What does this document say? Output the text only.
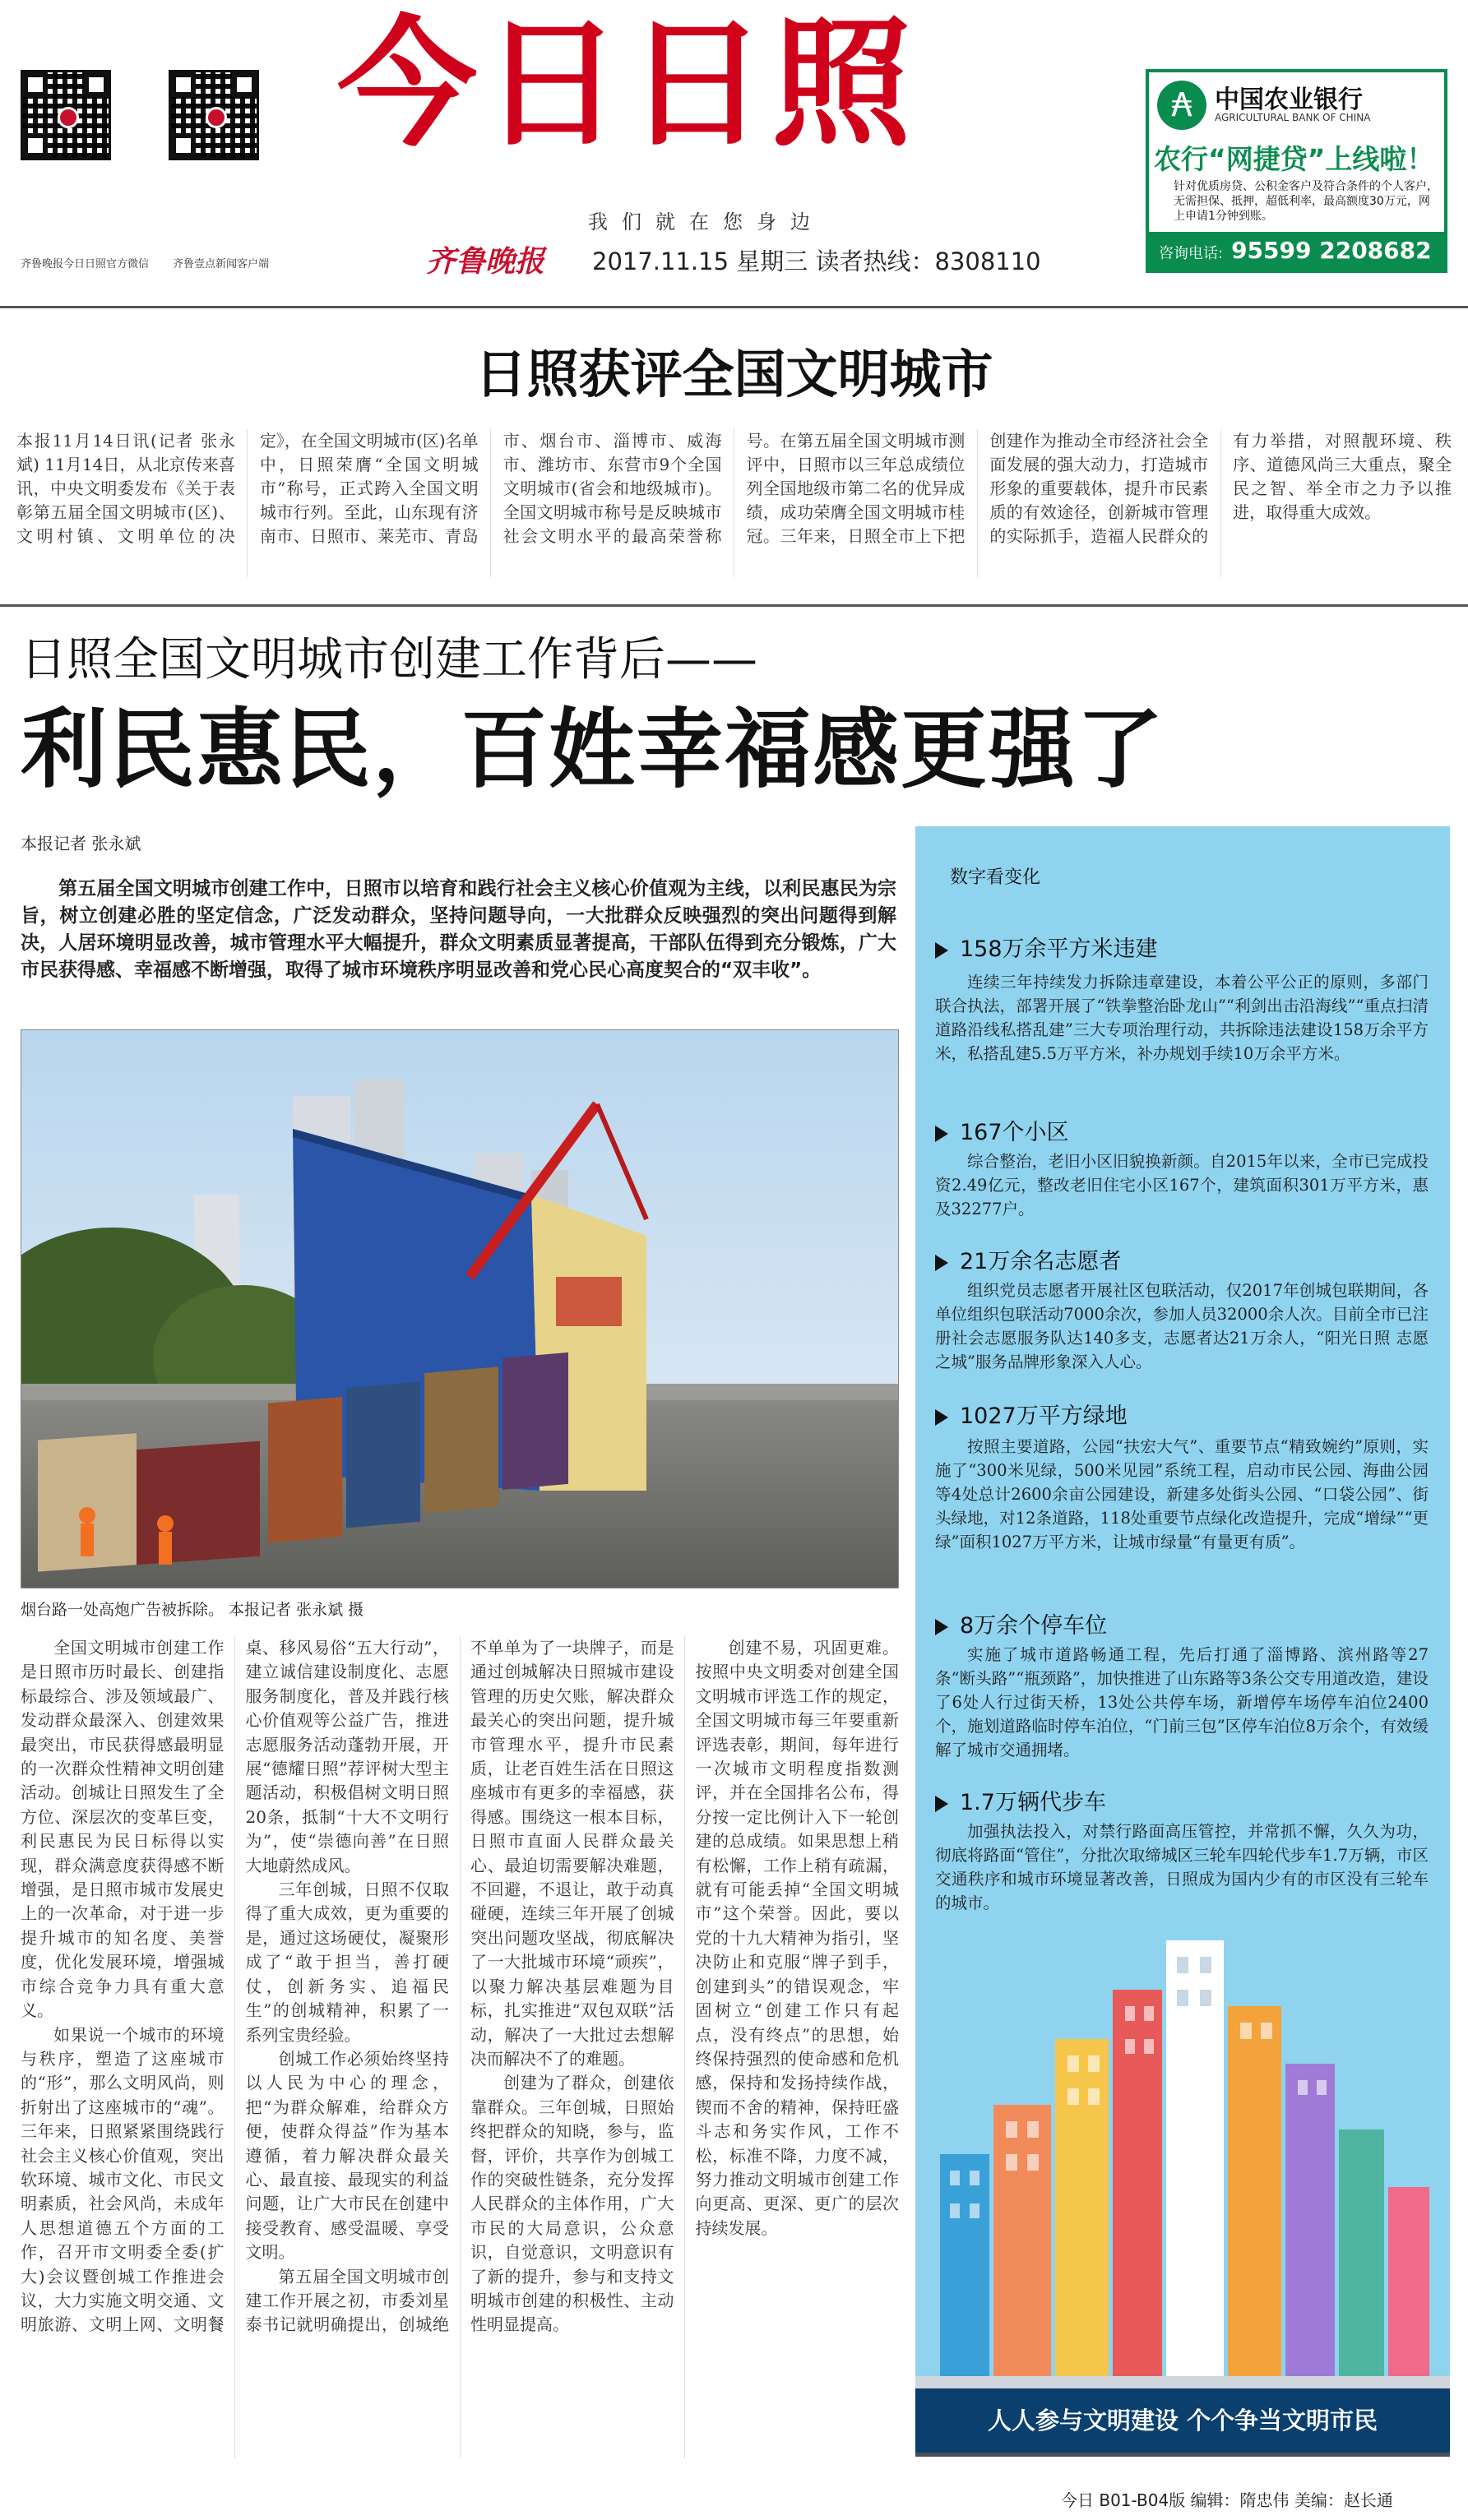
齐鲁晚报今日日照官方微信 齐鲁壹点新闻客户端
今日日照
我们就在您身边
齐鲁晚报 2017.11.15 星期三 读者热线：8308110
₳ 中国农业银行
AGRICULTURAL BANK OF CHINA
农行“网捷贷”上线啦！
针对优质房贷、公积金客户及符合条件的个人客户，无需担保、抵押，超低利率，最高额度30万元，网上申请1分钟到账。
咨询电话: 95599 2208682
日照获评全国文明城市
本报11月14日讯(记者 张永斌) 11月14日，从北京传来喜讯，中央文明委发布《关于表彰第五届全国文明城市(区)、文明村镇、文明单位的决定》，在全国文明城市(区)名单中，日照荣膺“全国文明城市”称号，正式跨入全国文明城市行列。至此，山东现有济南市、日照市、莱芜市、青岛市、烟台市、淄博市、威海市、潍坊市、东营市9个全国文明城市(省会和地级城市)。全国文明城市称号是反映城市社会文明水平的最高荣誉称号。在第五届全国文明城市测评中，日照市以三年总成绩位列全国地级市第二名的优异成绩，成功荣膺全国文明城市桂冠。三年来，日照全市上下把创建作为推动全市经济社会全面发展的强大动力，打造城市形象的重要载体，提升市民素质的有效途径，创新城市管理的实际抓手，造福人民群众的有力举措，对照靓环境、秩序、道德风尚三大重点，聚全民之智、举全市之力予以推进，取得重大成效。
日照全国文明城市创建工作背后——
利民惠民，百姓幸福感更强了
本报记者 张永斌
第五届全国文明城市创建工作中，日照市以培育和践行社会主义核心价值观为主线，以利民惠民为宗旨，树立创建必胜的坚定信念，广泛发动群众，坚持问题导向，一大批群众反映强烈的突出问题得到解决，人居环境明显改善，城市管理水平大幅提升，群众文明素质显著提高，干部队伍得到充分锻炼，广大市民获得感、幸福感不断增强，取得了城市环境秩序明显改善和党心民心高度契合的“双丰收”。
烟台路一处高炮广告被拆除。 本报记者 张永斌 摄

全国文明城市创建工作是日照市历时最长、创建指标最综合、涉及领域最广、发动群众最深入、创建效果最突出，市民获得感最明显的一次群众性精神文明创建活动。创城让日照发生了全方位、深层次的变革巨变，利民惠民为民日标得以实现，群众满意度获得感不断增强，是日照市城市发展史上的一次革命，对于进一步提升城市的知名度、美誉度，优化发展环境，增强城市综合竞争力具有重大意义。

如果说一个城市的环境与秩序，塑造了这座城市的“形”，那么文明风尚，则折射出了这座城市的“魂”。三年来，日照紧紧围绕践行社会主义核心价值观，突出软环境、城市文化、市民文明素质，社会风尚，未成年人思想道德五个方面的工作，召开市文明委全委(扩大)会议暨创城工作推进会议，大力实施文明交通、文明旅游、文明上网、文明餐桌、移风易俗“五大行动”，建立诚信建设制度化、志愿服务制度化，普及并践行核心价值观等公益广告，推进志愿服务活动蓬勃开展，开展“德耀日照”荐评树大型主题活动，积极倡树文明日照20条，抵制“十大不文明行为”，使“崇德向善”在日照大地蔚然成风。

三年创城，日照不仅取得了重大成效，更为重要的是，通过这场硬仗，凝聚形成了“敢于担当，善打硬仗，创新务实、追福民生”的创城精神，积累了一系列宝贵经验。

创城工作必须始终坚持以人民为中心的理念，把“为群众解难，给群众方便，使群众得益”作为基本遵循，着力解决群众最关心、最直接、最现实的利益问题，让广大市民在创建中接受教育、感受温暖、享受文明。

第五届全国文明城市创建工作开展之初，市委刘星泰书记就明确提出，创城绝不单单为了一块牌子，而是通过创城解决日照城市建设管理的历史欠账，解决群众最关心的突出问题，提升城市管理水平，提升市民素质，让老百姓生活在日照这座城市有更多的幸福感，获得感。围绕这一根本目标，日照市直面人民群众最关心、最迫切需要解决难题，不回避，不退让，敢于动真碰硬，连续三年开展了创城突出问题攻坚战，彻底解决了一大批城市环境“顽疾”，以聚力解决基层难题为目标，扎实推进“双包双联”活动，解决了一大批过去想解决而解决不了的难题。

创建为了群众，创建依靠群众。三年创城，日照始终把群众的知晓，参与，监督，评价，共享作为创城工作的突破性链条，充分发挥人民群众的主体作用，广大市民的大局意识，公众意识，自觉意识，文明意识有了新的提升，参与和支持文明城市创建的积极性、主动性明显提高。

创建不易，巩固更难。按照中央文明委对创建全国文明城市评选工作的规定，全国文明城市每三年要重新评选表彰，期间，每年进行一次城市文明程度指数测评，并在全国排名公布，得分按一定比例计入下一轮创建的总成绩。如果思想上稍有松懈，工作上稍有疏漏，就有可能丢掉“全国文明城市”这个荣誉。因此，要以党的十九大精神为指引，坚决防止和克服“牌子到手，创建到头”的错误观念，牢固树立“创建工作只有起点，没有终点”的思想，始终保持强烈的使命感和危机感，保持和发扬持续作战，锲而不舍的精神，保持旺盛斗志和务实作风，工作不松，标准不降，力度不减，努力推动文明城市创建工作向更高、更深、更广的层次持续发展。

数字看变化
158万余平方米违建
连续三年持续发力拆除违章建设，本着公平公正的原则，多部门联合执法，部署开展了“铁拳整治卧龙山”“利剑出击沿海线”“重点扫清道路沿线私搭乱建”三大专项治理行动，共拆除违法建设158万余平方米，私搭乱建5.5万平方米，补办规划手续10万余平方米。
167个小区
综合整治，老旧小区旧貌换新颜。自2015年以来，全市已完成投资2.49亿元，整改老旧住宅小区167个，建筑面积301万平方米，惠及32277户。
21万余名志愿者
组织党员志愿者开展社区包联活动，仅2017年创城包联期间，各单位组织包联活动7000余次，参加人员32000余人次。目前全市已注册社会志愿服务队达140多支，志愿者达21万余人，“阳光日照 志愿之城”服务品牌形象深入人心。
1027万平方绿地
按照主要道路，公园“扶宏大气”、重要节点“精致婉约”原则，实施了“300米见绿，500米见园”系统工程，启动市民公园、海曲公园等4处总计2600余亩公园建设，新建多处街头公园、“口袋公园”、街头绿地，对12条道路，118处重要节点绿化改造提升，完成“增绿”“更绿”面积1027万平方米，让城市绿量“有量更有质”。
8万余个停车位
实施了城市道路畅通工程，先后打通了淄博路、滨州路等27条“断头路”“瓶颈路”，加快推进了山东路等3条公交专用道改造，建设了6处人行过街天桥，13处公共停车场，新增停车场停车泊位2400个，施划道路临时停车泊位，“门前三包”区停车泊位8万余个，有效缓解了城市交通拥堵。
1.7万辆代步车
加强执法投入，对禁行路面高压管控，并常抓不懈，久久为功，彻底将路面“管住”，分批次取缔城区三轮车四轮代步车1.7万辆，市区交通秩序和城市环境显著改善，日照成为国内少有的市区没有三轮车的城市。
人人参与文明建设 个个争当文明市民
今日 B01-B04版 编辑：隋忠伟 美编：赵长通
